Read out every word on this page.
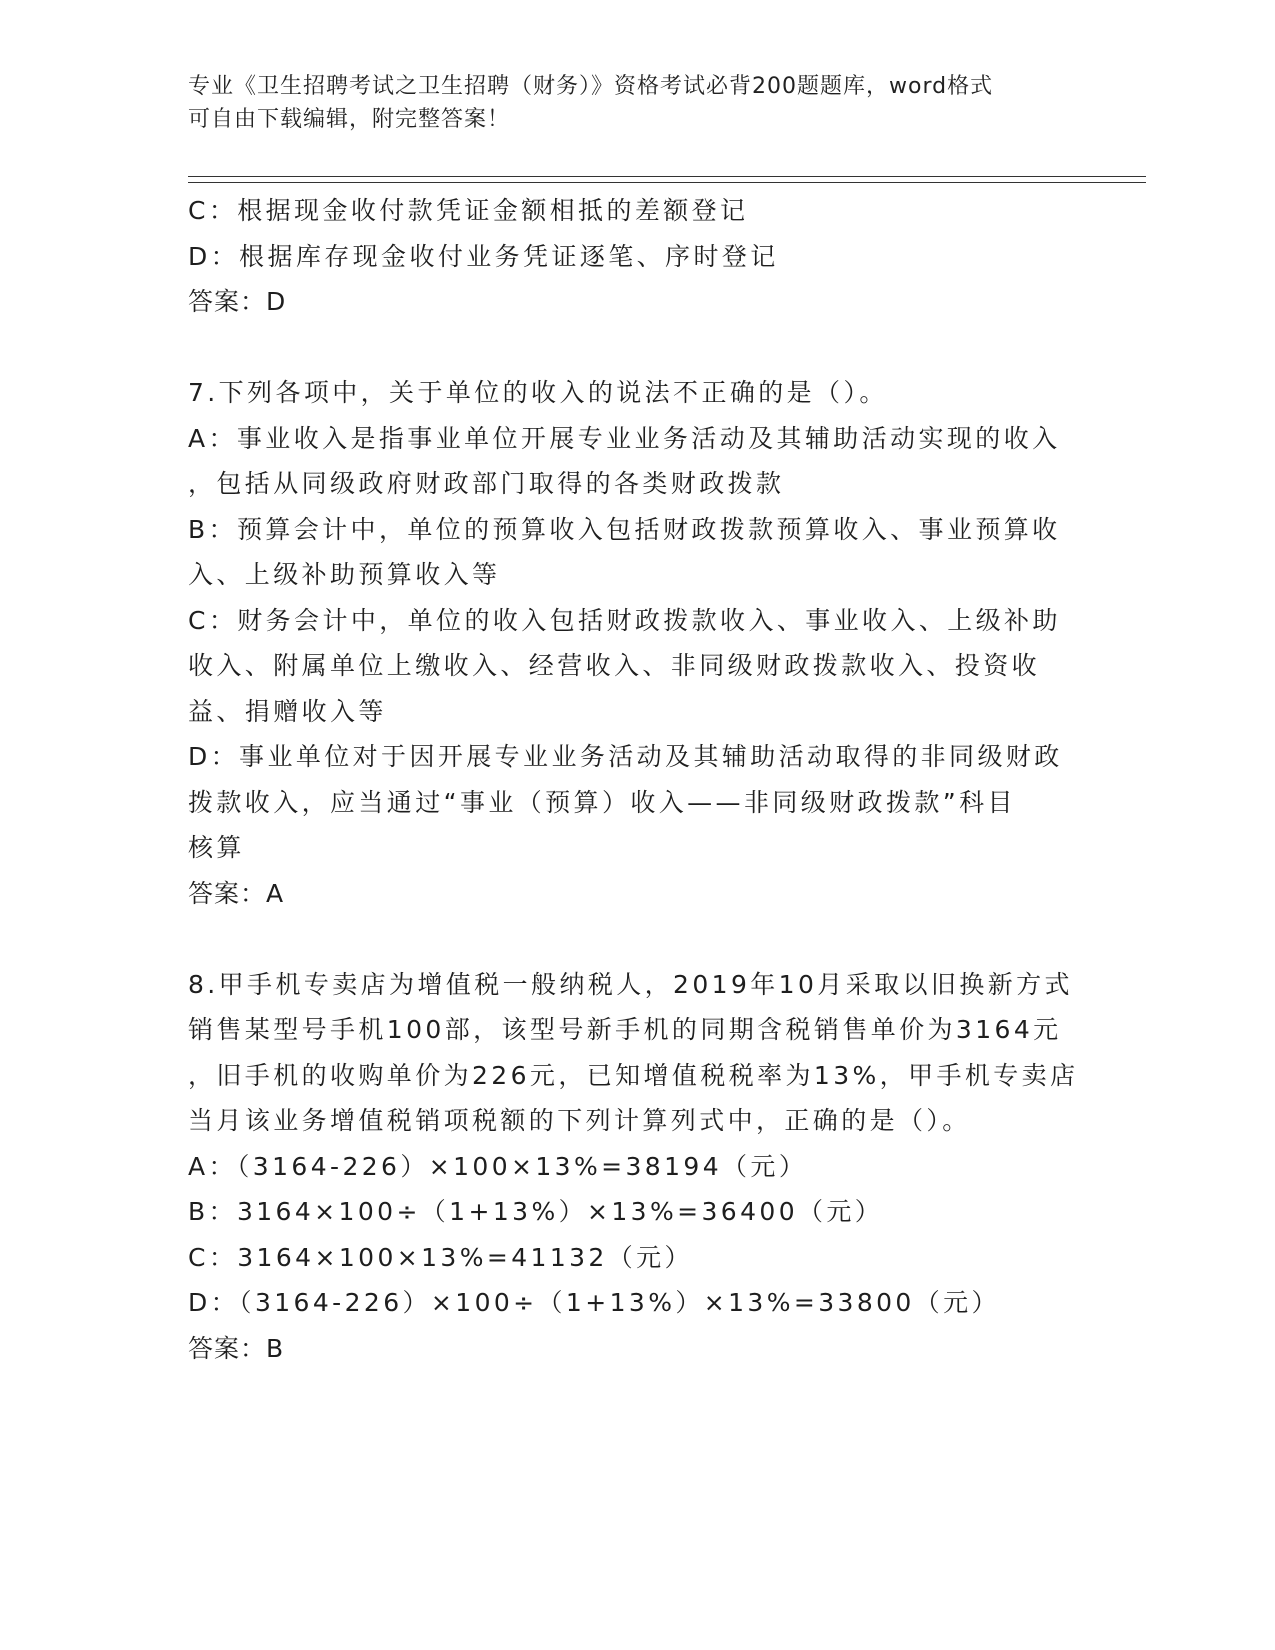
专业《卫生招聘考试之卫生招聘（财务）》资格考试必背200题题库，word格式
可自由下载编辑，附完整答案！
C：根据现金收付款凭证金额相抵的差额登记
D：根据库存现金收付业务凭证逐笔、序时登记
答案：D
7.下列各项中，关于单位的收入的说法不正确的是（）。
A：事业收入是指事业单位开展专业业务活动及其辅助活动实现的收入
，包括从同级政府财政部门取得的各类财政拨款
B：预算会计中，单位的预算收入包括财政拨款预算收入、事业预算收
入、上级补助预算收入等
C：财务会计中，单位的收入包括财政拨款收入、事业收入、上级补助
收入、附属单位上缴收入、经营收入、非同级财政拨款收入、投资收
益、捐赠收入等
D：事业单位对于因开展专业业务活动及其辅助活动取得的非同级财政
拨款收入，应当通过“事业（预算）收入——非同级财政拨款”科目
核算
答案：A
8.甲手机专卖店为增值税一般纳税人，2019年10月采取以旧换新方式
销售某型号手机100部，该型号新手机的同期含税销售单价为3164元
，旧手机的收购单价为226元，已知增值税税率为13%，甲手机专卖店
当月该业务增值税销项税额的下列计算列式中，正确的是（）。
A：（3164-226）×100×13%=38194（元）
B：3164×100÷（1+13%）×13%=36400（元）
C：3164×100×13%=41132（元）
D：（3164-226）×100÷（1+13%）×13%=33800（元）
答案：B
